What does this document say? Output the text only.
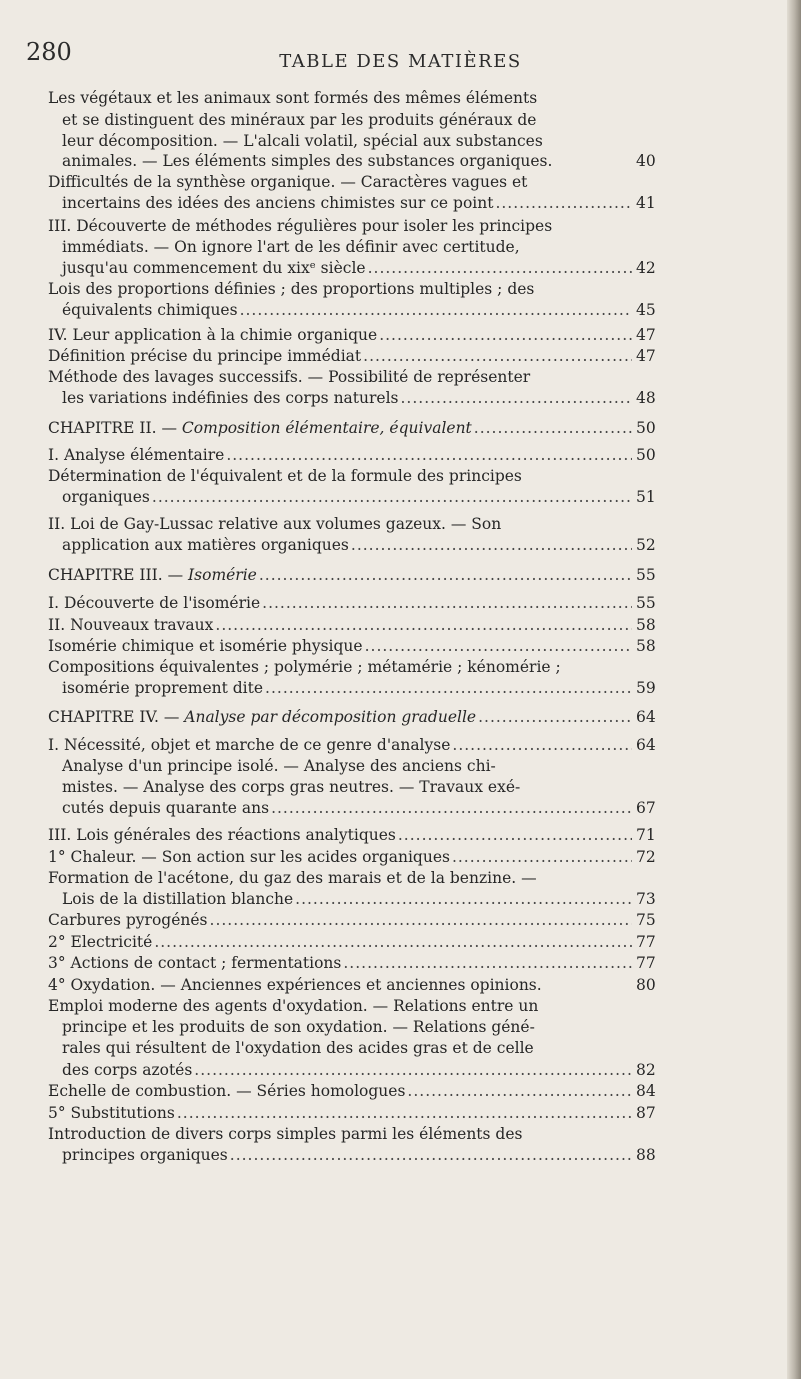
280	TABLE DES MATIÈRES
Les végétaux et les animaux sont formés des mêmes éléments
et se distinguent des minéraux par les produits généraux de
leur décomposition. — L'alcali volatil, spécial aux substances
animales. — Les éléments simples des substances organiques.	40
Difficultés de la synthèse organique. — Caractères vagues et
incertains des idées des anciens chimistes sur ce point .....	41
III. Découverte de méthodes régulières pour isoler les principes
immédiats. — On ignore l'art de les définir avec certitude,
jusqu'au commencement du xixᵉ siècle .....	42
Lois des proportions définies ; des proportions multiples ; des
équivalents chimiques .....	45
IV. Leur application à la chimie organique .....	47
Définition précise du principe immédiat .....	47
Méthode des lavages successifs. — Possibilité de représenter
les variations indéfinies des corps naturels .....	48
CHAPITRE II. — Composition élémentaire, équivalent .....	50
I. Analyse élémentaire .....	50
Détermination de l'équivalent et de la formule des principes
organiques .....	51
II. Loi de Gay-Lussac relative aux volumes gazeux. — Son
application aux matières organiques .....	52
CHAPITRE III. — Isomérie .....	55
I. Découverte de l'isomérie .....	55
II. Nouveaux travaux .....	58
Isomérie chimique et isomérie physique .....	58
Compositions équivalentes ; polymérie ; métamérie ; kénomérie ;
isomérie proprement dite .....	59
CHAPITRE IV. — Analyse par décomposition graduelle .....	64
I. Nécessité, objet et marche de ce genre d'analyse .....	64
Analyse d'un principe isolé. — Analyse des anciens chi-
mistes. — Analyse des corps gras neutres. — Travaux exé-
cutés depuis quarante ans .....	67
III. Lois générales des réactions analytiques .....	71
1° Chaleur. — Son action sur les acides organiques .....	72
Formation de l'acétone, du gaz des marais et de la benzine. —
Lois de la distillation blanche .....	73
Carbures pyrogénés .....	75
2° Electricité .....	77
3° Actions de contact ; fermentations .....	77
4° Oxydation. — Anciennes expériences et anciennes opinions.	80
Emploi moderne des agents d'oxydation. — Relations entre un
principe et les produits de son oxydation. — Relations géné-
rales qui résultent de l'oxydation des acides gras et de celle
des corps azotés .....	82
Echelle de combustion. — Séries homologues .....	84
5° Substitutions .....	87
Introduction de divers corps simples parmi les éléments des
principes organiques .....	88
